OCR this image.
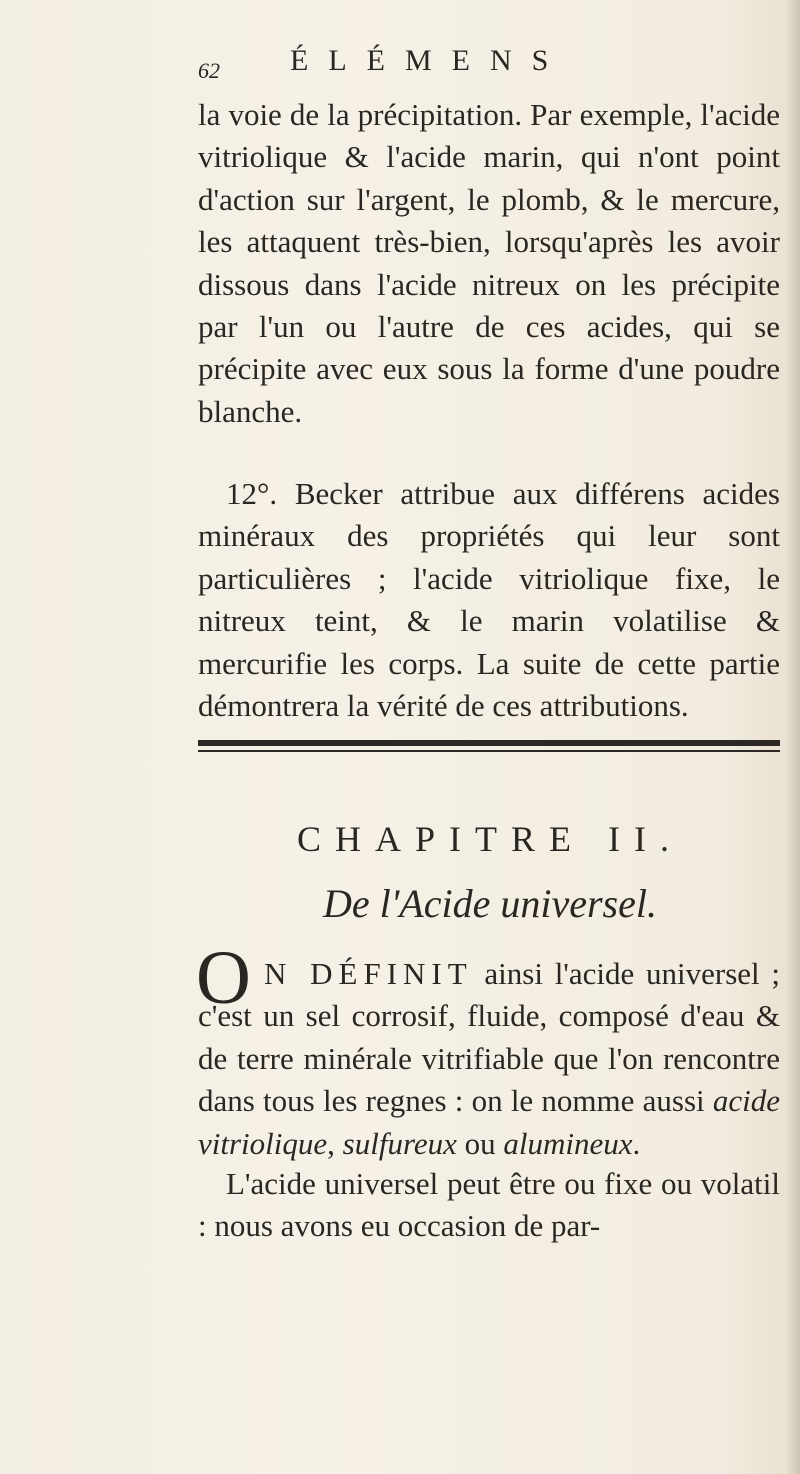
62 ÉLÉMENS

la voie de la précipitation. Par exemple, l'acide vitriolique & l'acide marin, qui n'ont point d'action sur l'argent, le plomb, & le mercure, les attaquent très-bien, lorsqu'après les avoir dissous dans l'acide nitreux on les précipite par l'un ou l'autre de ces acides, qui se précipite avec eux sous la forme d'une poudre blanche.

12°. Becker attribue aux différens acides minéraux des propriétés qui leur sont particulières ; l'acide vitriolique fixe, le nitreux teint, & le marin volatilise & mercurifie les corps. La suite de cette partie démontrera la vérité de ces attributions.

CHAPITRE II.
De l'Acide universel.
O N DÉFINIT ainsi l'acide universel ; c'est un sel corrosif, fluide, composé d'eau & de terre minérale vitrifiable que l'on rencontre dans tous les regnes : on le nomme aussi acide vitriolique, sulfureux ou alumineux.

L'acide universel peut être ou fixe ou volatil : nous avons eu occasion de par-
